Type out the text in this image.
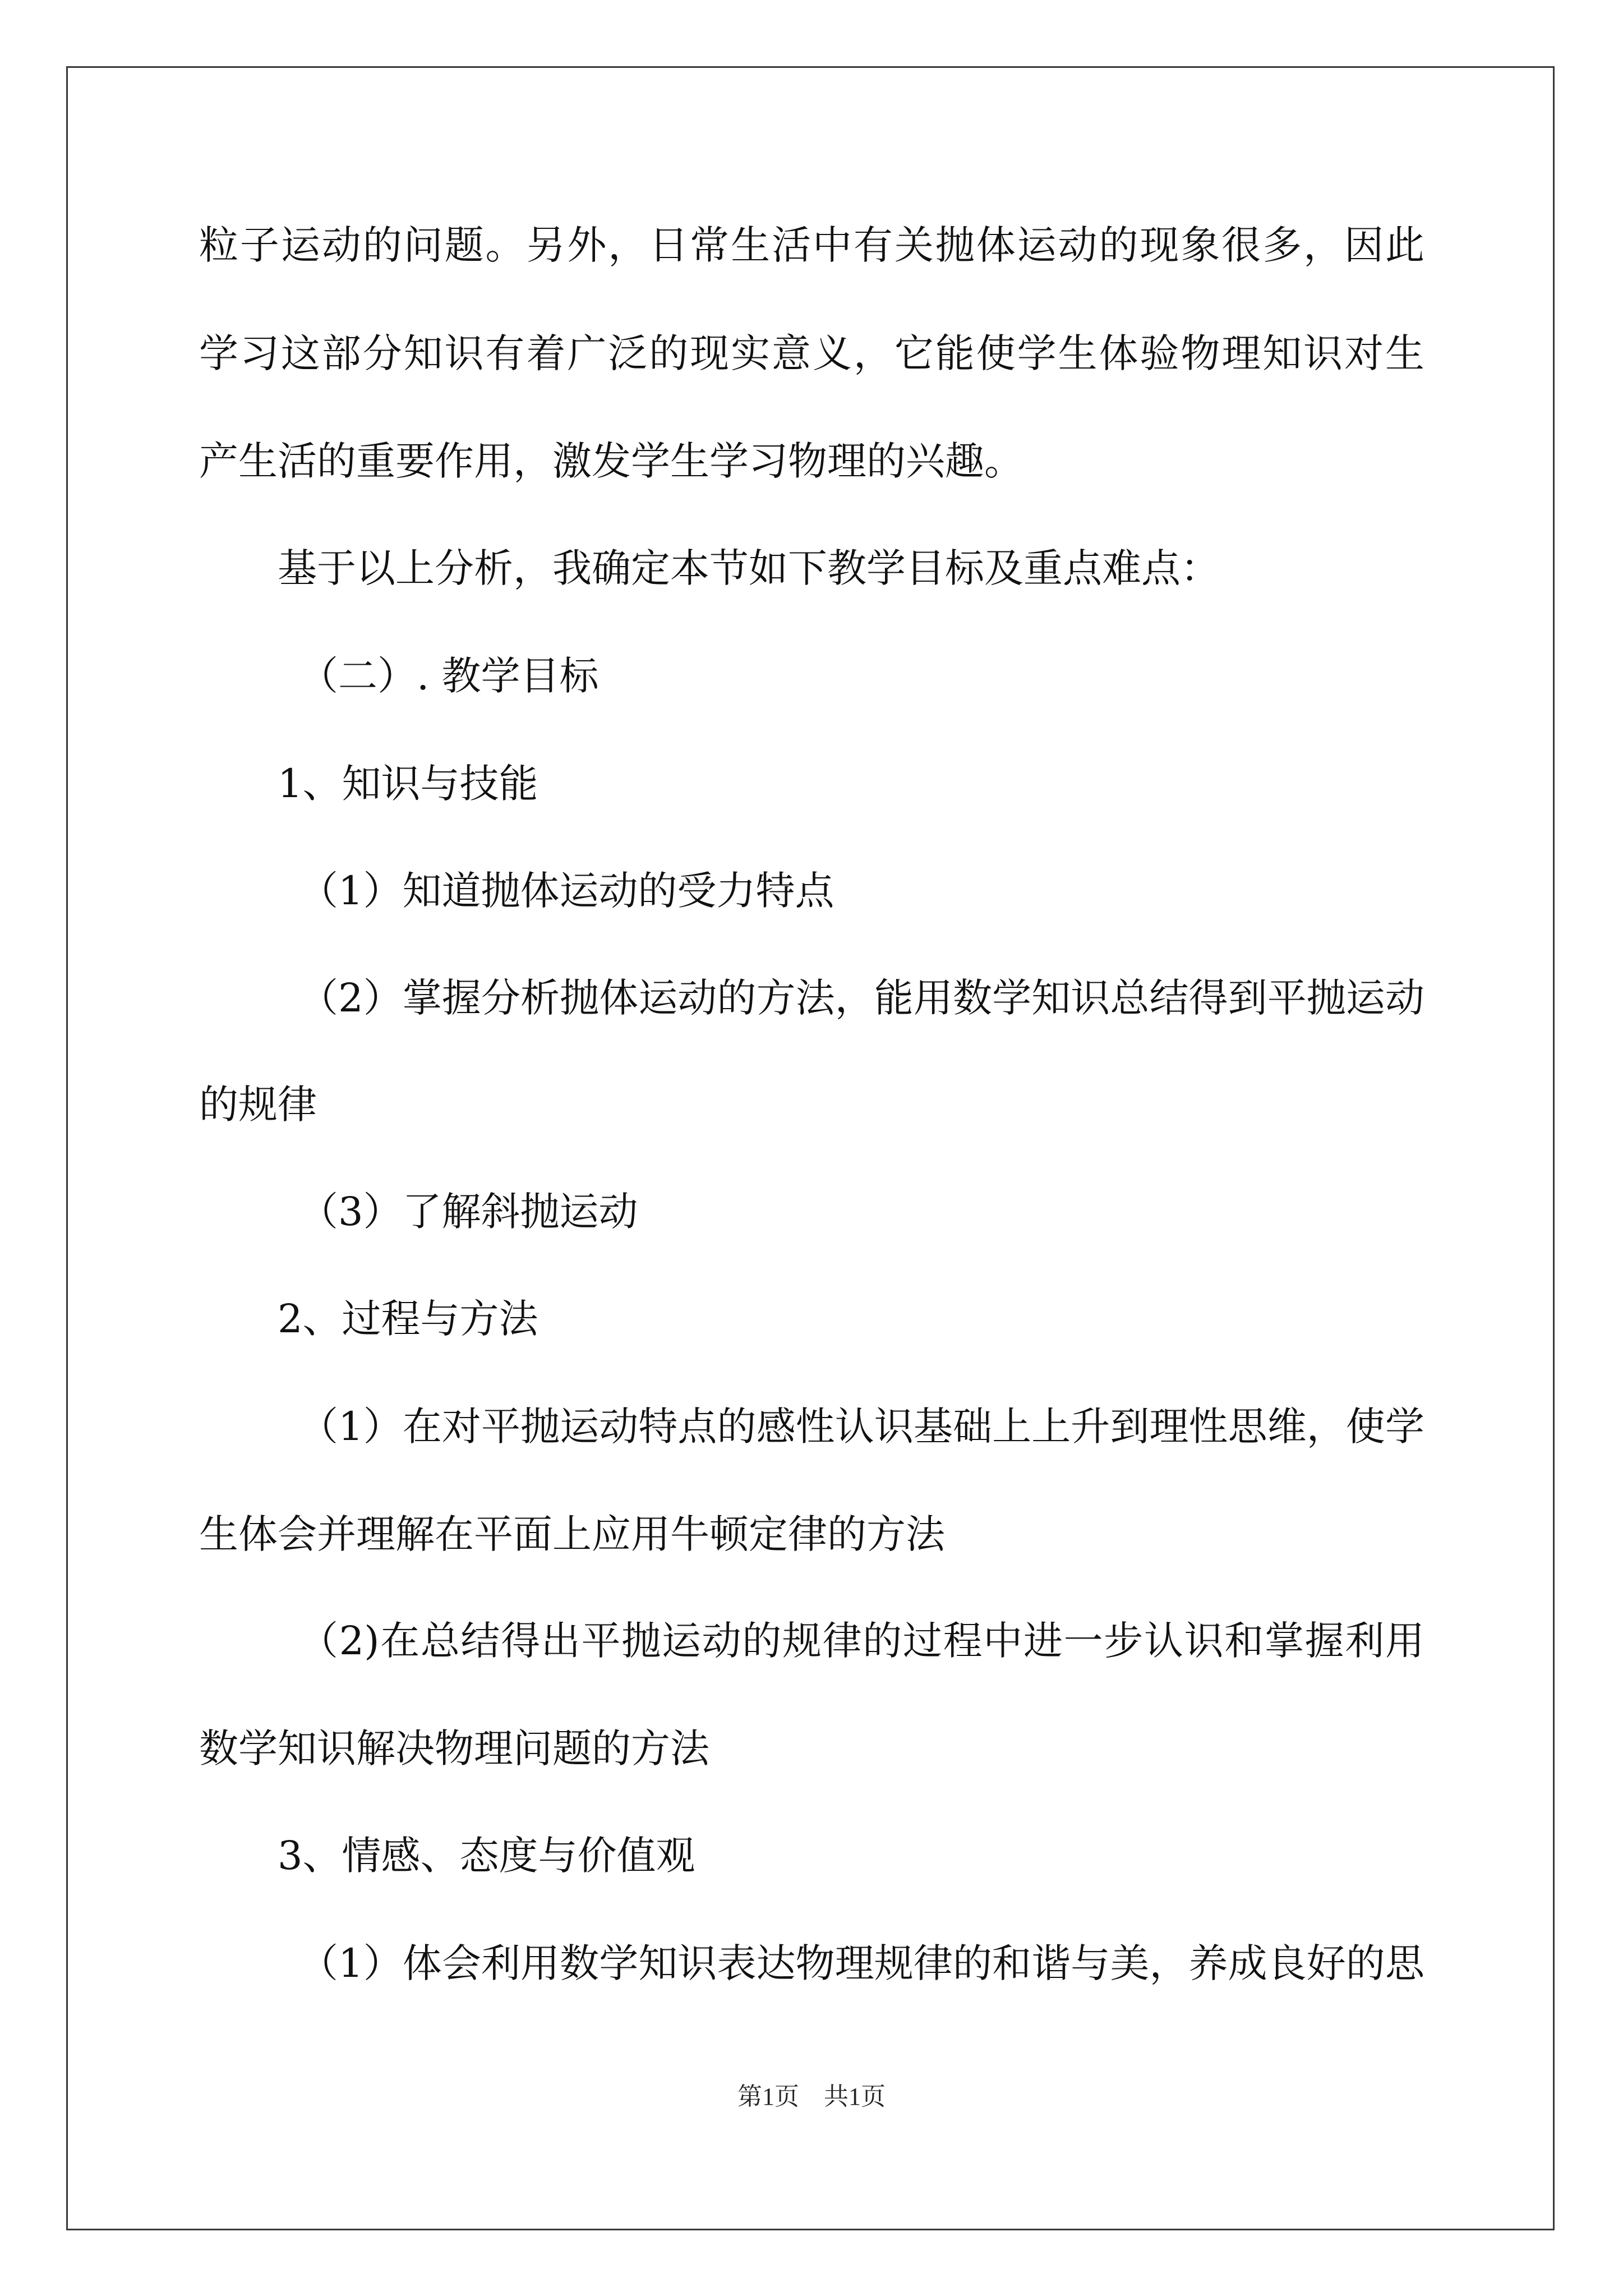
粒子运动的问题。另外，日常生活中有关抛体运动的现象很多，因此
学习这部分知识有着广泛的现实意义，它能使学生体验物理知识对生
产生活的重要作用，激发学生学习物理的兴趣。
基于以上分析，我确定本节如下教学目标及重点难点：
（二）. 教学目标
1、知识与技能
（1）知道抛体运动的受力特点
（2）掌握分析抛体运动的方法，能用数学知识总结得到平抛运动
的规律
（3）了解斜抛运动
2、过程与方法
（1）在对平抛运动特点的感性认识基础上上升到理性思维，使学
生体会并理解在平面上应用牛顿定律的方法
（2)在总结得出平抛运动的规律的过程中进一步认识和掌握利用
数学知识解决物理问题的方法
3、情感、态度与价值观
（1）体会利用数学知识表达物理规律的和谐与美，养成良好的思
第1页　共1页
